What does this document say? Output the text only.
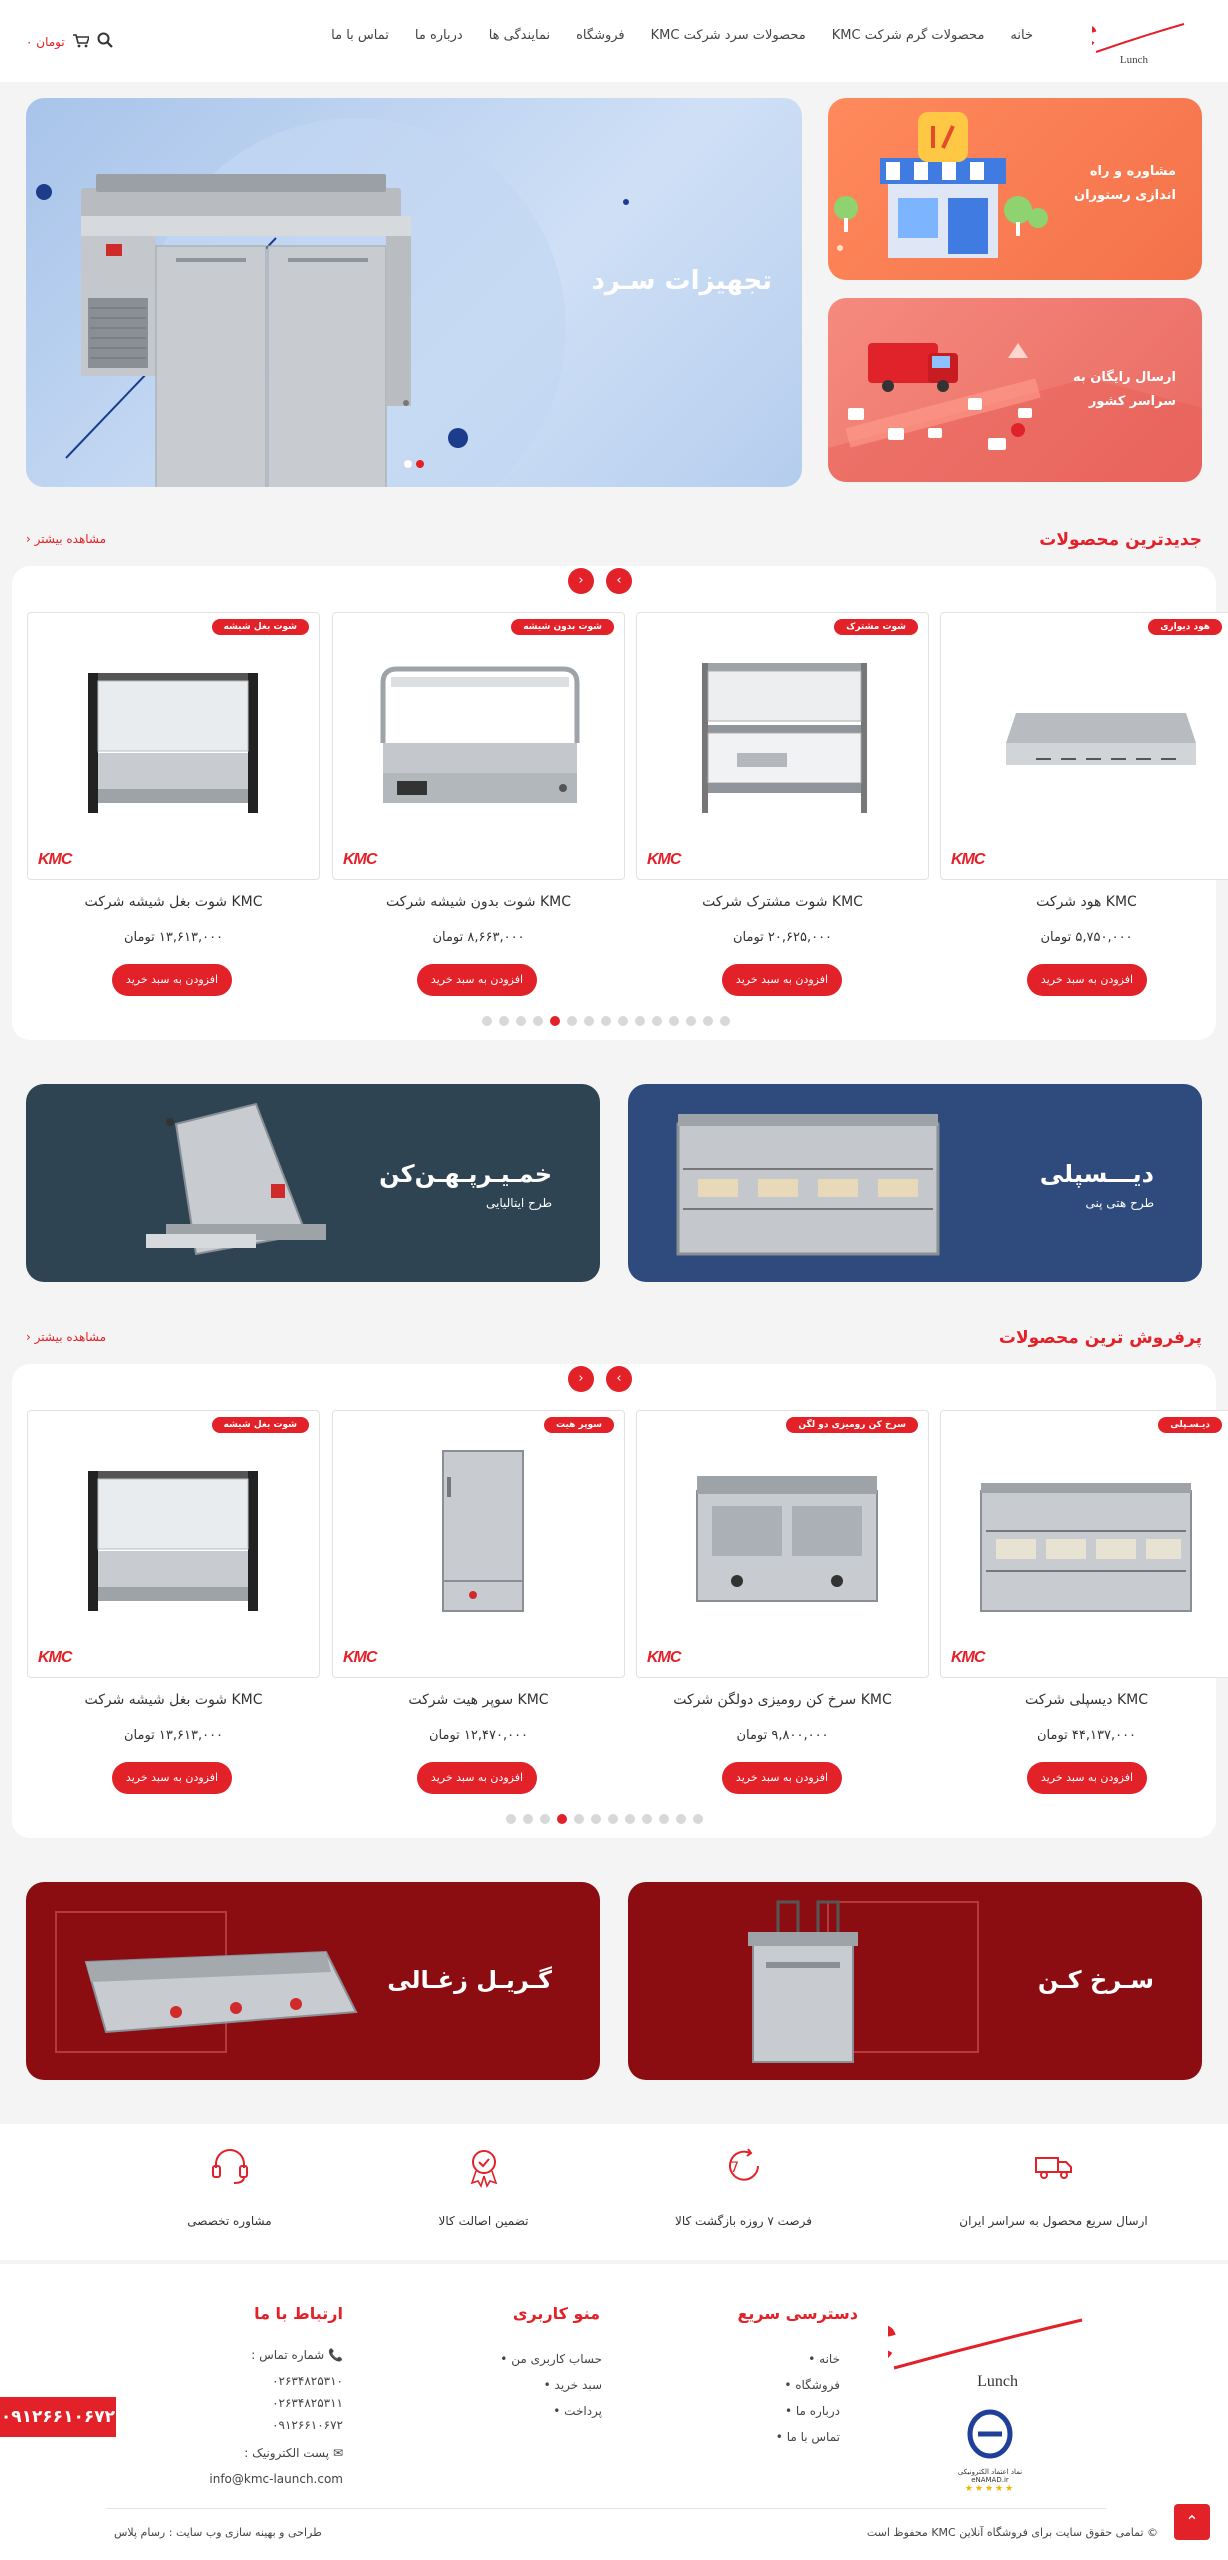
Lunch
خانه
محصولات گرم شرکت KMC
محصولات سرد شرکت KMC
فروشگاه
نمایندگی ها
درباره ما
تماس با ما
۰ تومان
تجهیزات سـرد
مشاوره و راه اندازی رستوران
ارسال رایگان به سراسر کشور
جدیدترین محصولات
مشاهده بیشتر ‹
›
‹
هود دیواری
KMC
KMC هود شرکت
۵,۷۵۰,۰۰۰ تومان
افزودن به سبد خرید
شوت مشترک
KMC
KMC شوت مشترک شرکت
۲۰,۶۲۵,۰۰۰ تومان
افزودن به سبد خرید
شوت بدون شیشه
KMC
KMC شوت بدون شیشه شرکت
۸,۶۶۳,۰۰۰ تومان
افزودن به سبد خرید
شوت بغل شیشه
KMC
KMC شوت بغل شیشه شرکت
۱۳,۶۱۳,۰۰۰ تومان
افزودن به سبد خرید
دیـــسپلی
طرح هتی پنی
خمـیـرپـهـن‌کن
طرح ایتالیایی
پرفروش ترین محصولات
مشاهده بیشتر ‹
›
‹
دیـسـپلی
KMC
KMC دیسپلی شرکت
۴۴,۱۳۷,۰۰۰ تومان
افزودن به سبد خرید
سرخ کن رومیزی دو لگن
KMC
KMC سرخ کن رومیزی دولگن شرکت
۹,۸۰۰,۰۰۰ تومان
افزودن به سبد خرید
سوپر هیت
KMC
KMC سوپر هیت شرکت
۱۲,۴۷۰,۰۰۰ تومان
افزودن به سبد خرید
شوت بغل شیشه
KMC
KMC شوت بغل شیشه شرکت
۱۳,۶۱۳,۰۰۰ تومان
افزودن به سبد خرید
سـرخ کـن
گـریـل زغـالی
ارسال سریع محصول به سراسر ایران
7
فرصت ۷ روزه بازگشت کالا
تضمین اصالت کالا
مشاوره تخصصی
Lunch
نماد اعتماد الکترونیکی
eNAMAD.ir
★★★★★
دسترسی سریع
خانه •
فروشگاه •
درباره ما •
تماس با ما •
منو کاربری
حساب کاربری من •
سبد خرید •
پرداخت •
ارتباط با ما
📞 شماره تماس :
۰۲۶۳۴۸۲۵۳۱۰
۰۲۶۳۴۸۲۵۳۱۱
۰۹۱۲۶۶۱۰۶۷۲
✉ پست الکترونیک :
info@kmc-launch.com
© تمامی حقوق سایت برای فروشگاه آنلاین KMC محفوظ است
طراحی و بهینه سازی وب سایت : رسام پلاس
۰۹۱۲۶۶۱۰۶۷۲
⌃
